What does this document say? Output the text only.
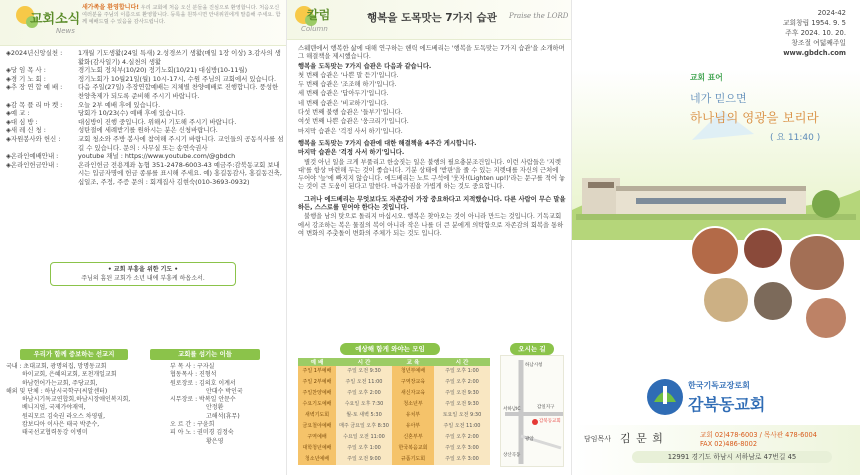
교회소식
News
새가족을 환영합니다! 우리 교회에 처음 오신 분들을 진심으로 환영합니다. 처음오신 여러분을 주님의 이름으로 환영합니다. 등록을 원하시면 안내위원에게 말씀해 주세요. 함께 예배드릴 수 있음을 감사드립니다.
◈2024년신앙실천 :	1개월 기도생활(24일 특새) 2.성경쓰기 생활(매일 1장 이상) 3.감사의 생활화(감사일기) 4.실천의 생활
◈당 임 목 사 :	경기노회 정치부(10/20) 정기노회(10/21) 대심방(10-11월)
◈경 기 노 회 :	정기노회가 10월21일(월) 10시-17시, 수원 주님의 교회에서 있습니다.
◈추 장 연 합 예 배 :	다음 주일(27일) 추장연합예배는 지체별 찬양예배로 진행합니다. 풍성한 찬양축제가 되도록 준비해 주시기 바랍니다.
◈감 목 플 리 마 켓 :	오늘 2부 예배 후에 있습니다.
◈예 교 :	당회가 10/23(수) 예배 후에 있습니다.
◈대 심 방 :	대심방이 진행 중입니다. 위해서 기도해 주시기 바랍니다.
◈새 레 신 청 :	성탄절에 세례받기를 원하시는 분은 신청바랍니다.
◈자원봉사와 헌신 :	교회 청소와 주방 봉사에 참여해 주시기 바랍니다. 교인들의 공동식사를 섬길 수 있습니다. 문의 : 사무실 또는 송연숙권사
◈온라인예배안내 :	youtube 채널 : https://www.youtube.com/@gbdch
◈온라인헌금안내 :	온라인헌금 전용계좌 농협 351-2478-6003-43 예금주:감북동교회 보내시는 입금자명에 헌금 종류를 표시해 주세요. 예) 홍길동감사, 홍길동건축, 십일조, 주정, 주증 문의 : 회계집사 김현숙(010-3693-0932)
• 교회 부흥을 위한 기도 •
주님의 흠된 교회가 소년 내에 부흥케 하옵소서.
우리가 함께 중보하는 선교지
국내 : 초대교회, 광명의집, 망명동교회
하이교회, 은혜의교회, 포천개일교회
하남헌어가는교회, 주당교회,
해외 및 단체 : 하남시국학구(씨알센터)
하남시기독교연합회,하남시장애인복지회,
베니지엄, 국제가야재역,
원리모르 김숙권 라오스 차영필,
캄보디아 이사은 태국 박준수,
태국선교협력동강 이병미
교회를 섬기는 이들
부 목 사 : 구자실
협동목사 : 진형석
원로장로 : 김의호 이계서
안대수 박인국
시무장로 : 박복일 안문수
안정환
고해석(휴무)
오 르 간 : 구윤희
피 아 노 : 권미경 김정숙
황은영
칼럼
Column
행복을 도목맛는 7가지 습관 Praise the LORD

스웨덴에서 행복한 삶에 대해 연구하는 헨릭 에드베리는 '행복을 도독맞는 7가지 습관'을 소개하며 그 해결책을 제시했습니다.

행복을 도독맞는 7가지 습관은 다음과 같습니다.

첫 번째 습관은 '나쁜 말 듣기'입니다.

두 번째 습관은 '조조해 하기'입니다.

세 번째 습관은 '답아두기'입니다.

네 번째 습관은 '비교하기'입니다.

다섯 번째 불행 습관은 '들부기'입니다.

여섯 번째 나쁜 습관은 '웅크리기'입니다.

마지막 습관은 '걱정 사서 하기'입니다.

행복을 도독맞는 7가지 습관에 대한 해결책을 4주간 게시합니다.

마지막 습관은 '걱정 사서 하기'입니다.

별것 아닌 일을 크게 부풀리고 한숨짓는 일은 불행의 필요충분조건입니다. 이런 사람들은 '지렛대'를 항상 마련해 두는 것이 좋습니다. 기분 상태에 '받판'을 줄 수 있는 지렛대를 자신의 근처에 두어야 '늪'에 빠지지 않습니다. 에드베리는 노트 구석에 '웃자!(Lighten up!)'라는 문구를 적어 놓는 것이 큰 도움이 된다고 말한다. 마음가짐을 가볍게 하는 것도 중요합니다.

그러나 에드베리는 무엇보다도 자존감이 가장 중요하다고 지적했습니다. 다른 사람이 무슨 말을 하든, 스스로를 믿어야 한다는 것입니다.

불행을 남의 탓으로 돌리지 마십시오. 행복은 찾아오는 것이 아니라 만드는 것입니다. 기독교회에서 강조하는 복은 물질의 복이 아니라 작은 나를 더 큰 분에게 의탁함으로 자존감의 회복을 통하여 변화의 주춧돌이 변화의 주체가 되는 것도 입니다.

예상해 함게 와야는 모임
예 배	시 간	교 육	시 간
주일 1부예배	주일 오전 9:30	청년부예배	주일 오후 1:00
주일 2부예배	주일 오전 11:00	구역장교육	주일 오후 2:00
주일찬양예배	주일 오후 2:00	새신자교육	주일 오전 9:30
수요기도예배	수요일 오후 7:30	청소년부	주일 오전 9:30
새벽기도회	월-토 새벽 5:30	유치부	토요일 오전 9:30
금요철야예배	매주 금요일 오후 8:30	유아부	주일 오전 11:00
구역예배	수요일 오전 11:00	신혼부부	주일 오후 2:00
대학청년예배	주일 오후 1:00	한국복음교회	주일 오후 3:00
청소년예배	주일 오전 9:00	규폼기도회	주일 오후 3:00
오시는 길
하남시청
서하남IC
감북동교회
감일지구
광암
상산곡동
2024-42
교회창립 1954. 9. 5
주후 2024. 10. 20.
창조절 여덟째주일
www.gbdch.com
교회 표어
네가 믿으면
하나님의 영광을 보리라
( 요 11:40 )
한국기독교장로회
감북동교회
담임목사 김 문 희	교회 02)478-6003 / 목사관 478-6004
FAX 02)486-8002
12991 경기도 하남시 서하남로 47번길 45
